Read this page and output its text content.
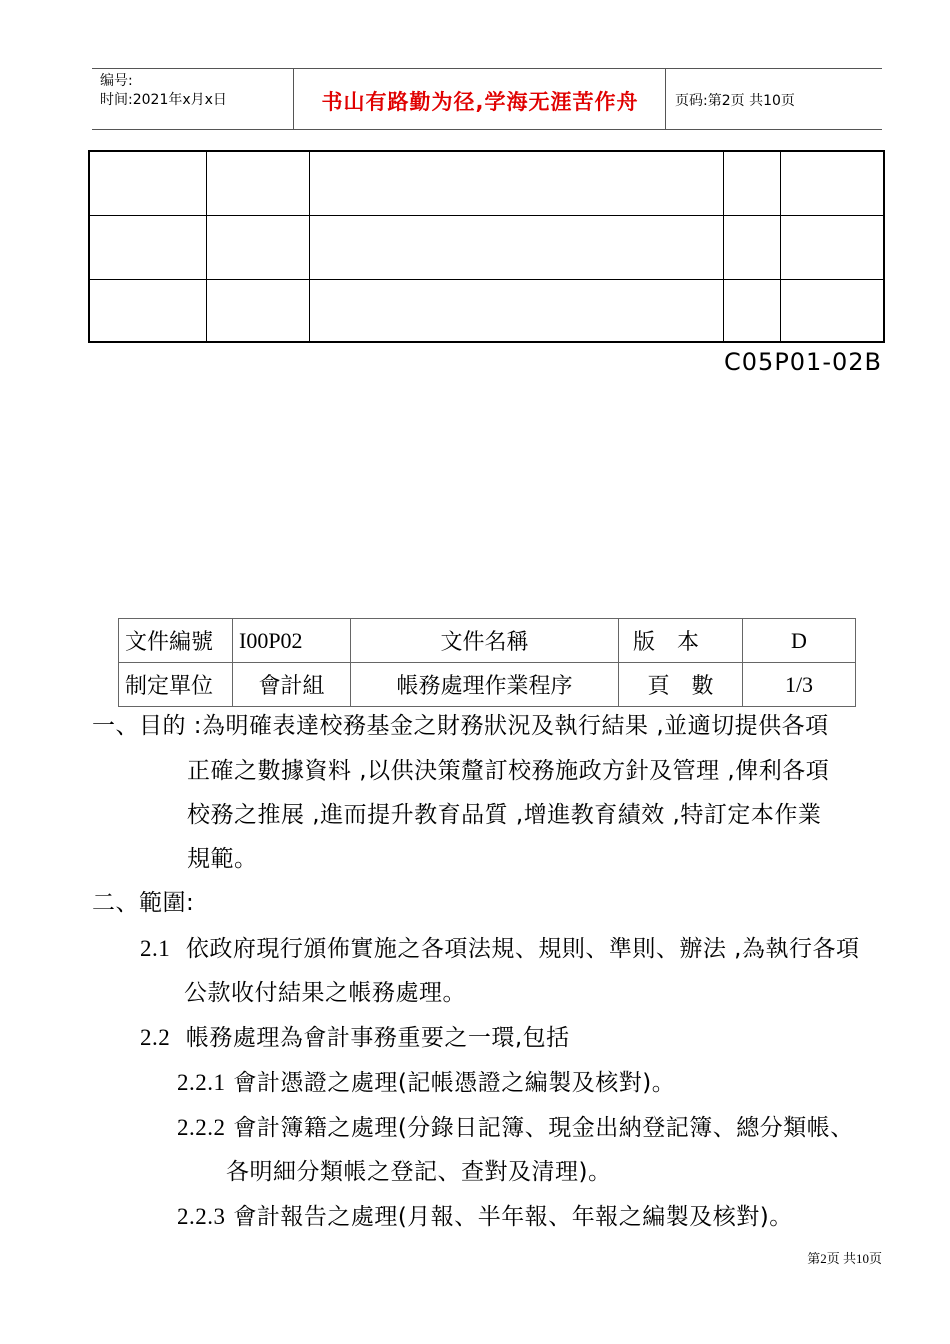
编号:
时间:2021年x月x日	书山有路勤为径,学海无涯苦作舟	页码:第2页 共10页
C05P01-02B
文件編號	I00P02	文件名稱	版　本	D
制定單位	會計組	帳務處理作業程序	頁　數	1/3
一、目的 :為明確表達校務基金之財務狀況及執行結果 ,並適切提供各項
正確之數據資料 ,以供決策釐訂校務施政方針及管理 ,俾利各項
校務之推展 ,進而提升教育品質 ,增進教育績效 ,特訂定本作業
規範。
二、範圍:
2.1 依政府現行頒佈實施之各項法規、規則、準則、辦法 ,為執行各項
公款收付結果之帳務處理。
2.2 帳務處理為會計事務重要之一環,包括
2.2.1 會計憑證之處理(記帳憑證之編製及核對)。
2.2.2 會計簿籍之處理(分錄日記簿、現金出納登記簿、總分類帳、
各明細分類帳之登記、查對及清理)。
2.2.3 會計報告之處理(月報、半年報、年報之編製及核對)。
第2页 共10页
